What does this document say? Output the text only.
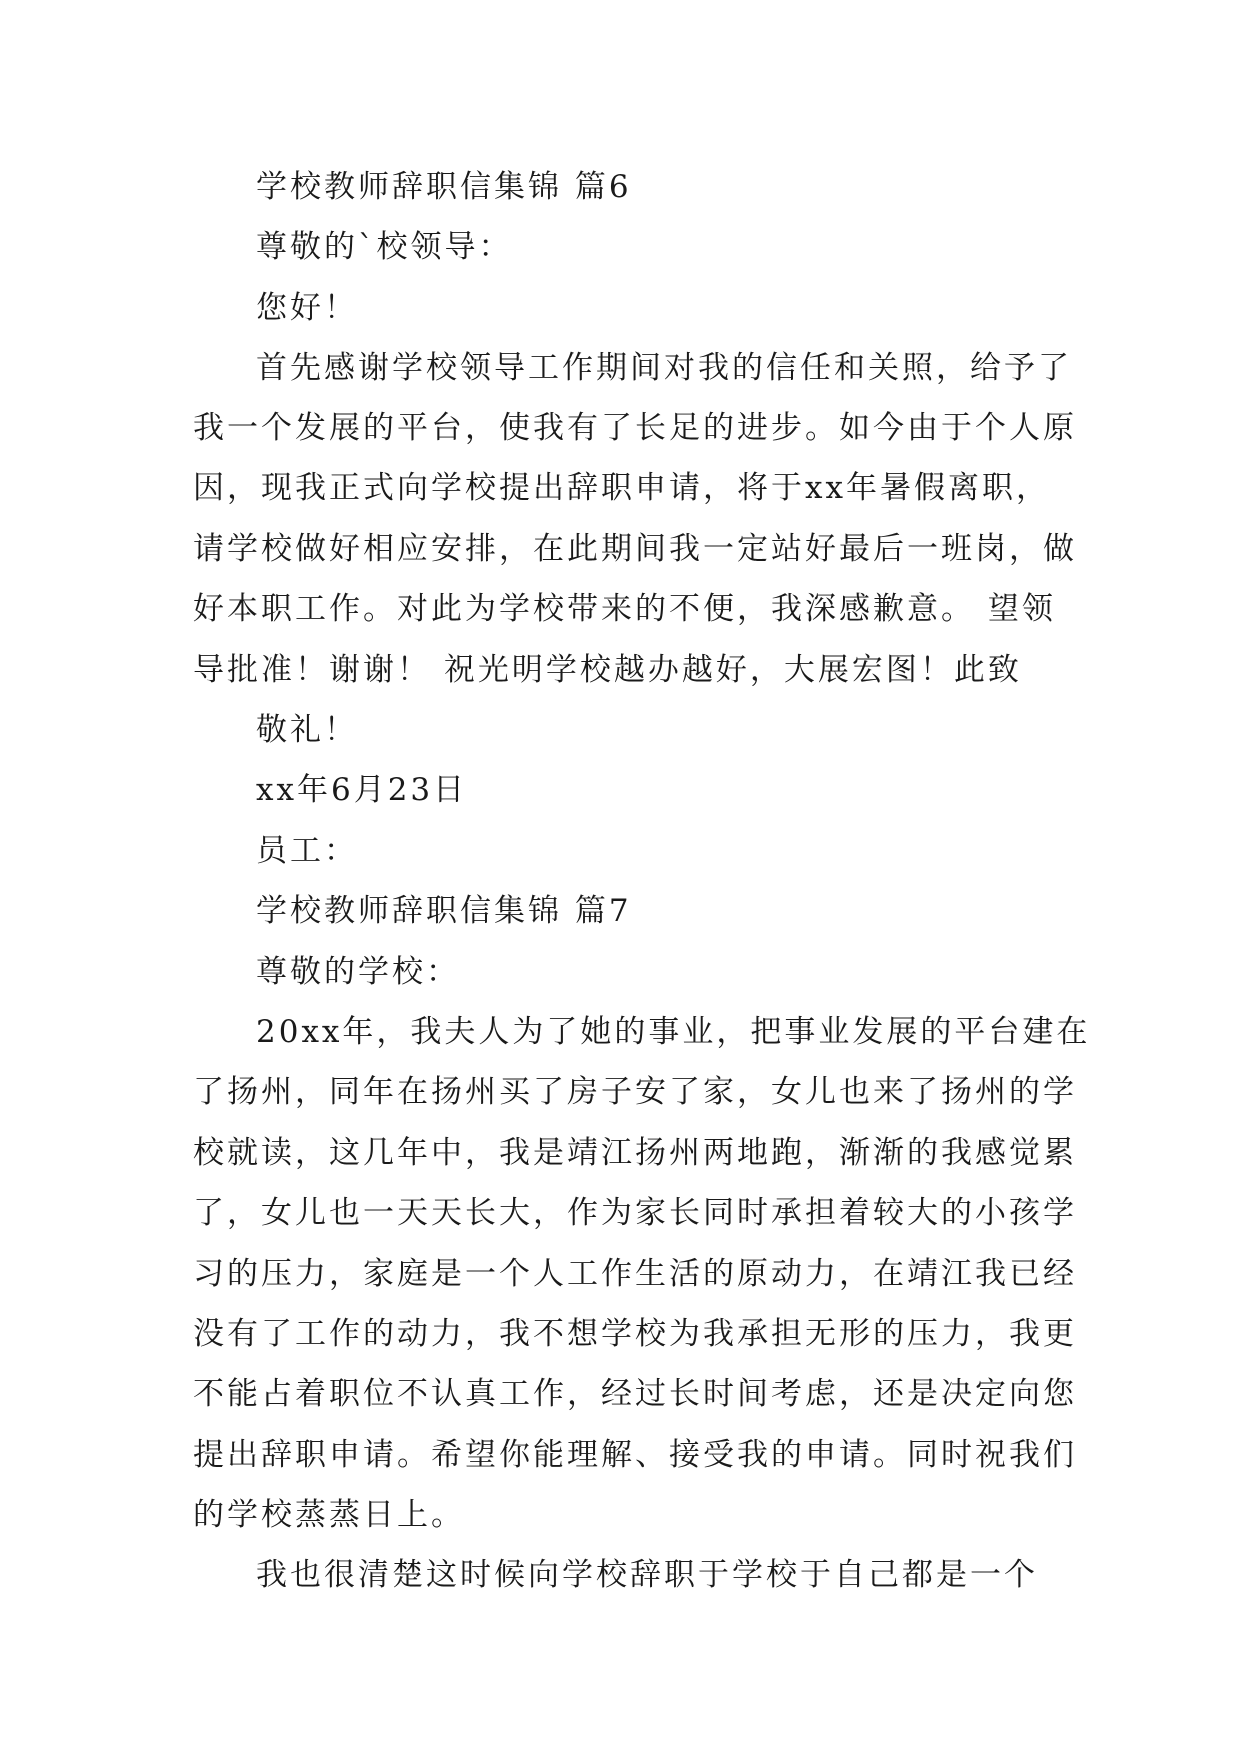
学校教师辞职信集锦 篇6
尊敬的`校领导：
您好！
首先感谢学校领导工作期间对我的信任和关照，给予了
我一个发展的平台，使我有了长足的进步。如今由于个人原
因，现我正式向学校提出辞职申请，将于xx年暑假离职，
请学校做好相应安排，在此期间我一定站好最后一班岗，做
好本职工作。对此为学校带来的不便，我深感歉意。 望领
导批准！谢谢！ 祝光明学校越办越好，大展宏图！此致
敬礼！
xx年6月23日
员工：
学校教师辞职信集锦 篇7
尊敬的学校：
20xx年，我夫人为了她的事业，把事业发展的平台建在
了扬州，同年在扬州买了房子安了家，女儿也来了扬州的学
校就读，这几年中，我是靖江扬州两地跑，渐渐的我感觉累
了，女儿也一天天长大，作为家长同时承担着较大的小孩学
习的压力，家庭是一个人工作生活的原动力，在靖江我已经
没有了工作的动力，我不想学校为我承担无形的压力，我更
不能占着职位不认真工作，经过长时间考虑，还是决定向您
提出辞职申请。希望你能理解、接受我的申请。同时祝我们
的学校蒸蒸日上。
我也很清楚这时候向学校辞职于学校于自己都是一个
